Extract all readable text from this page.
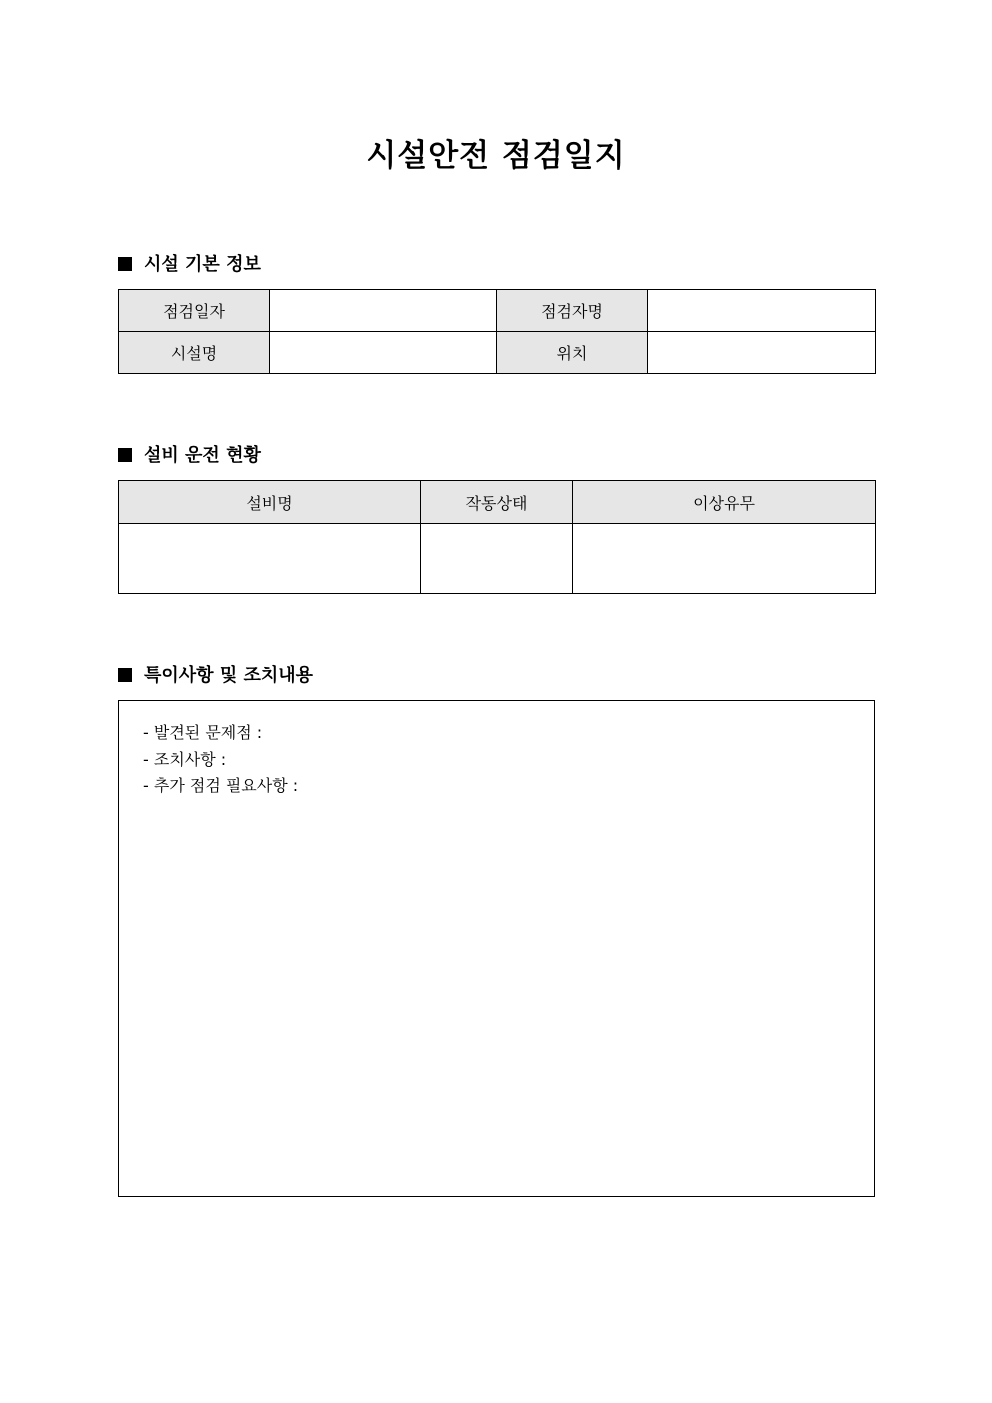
시설안전 점검일지
시설 기본 정보
점검일자		점검자명	
시설명		위치	
설비 운전 현황
설비명	작동상태	이상유무

특이사항 및 조치내용
- 발견된 문제점 :
- 조치사항 :
- 추가 점검 필요사항 :
